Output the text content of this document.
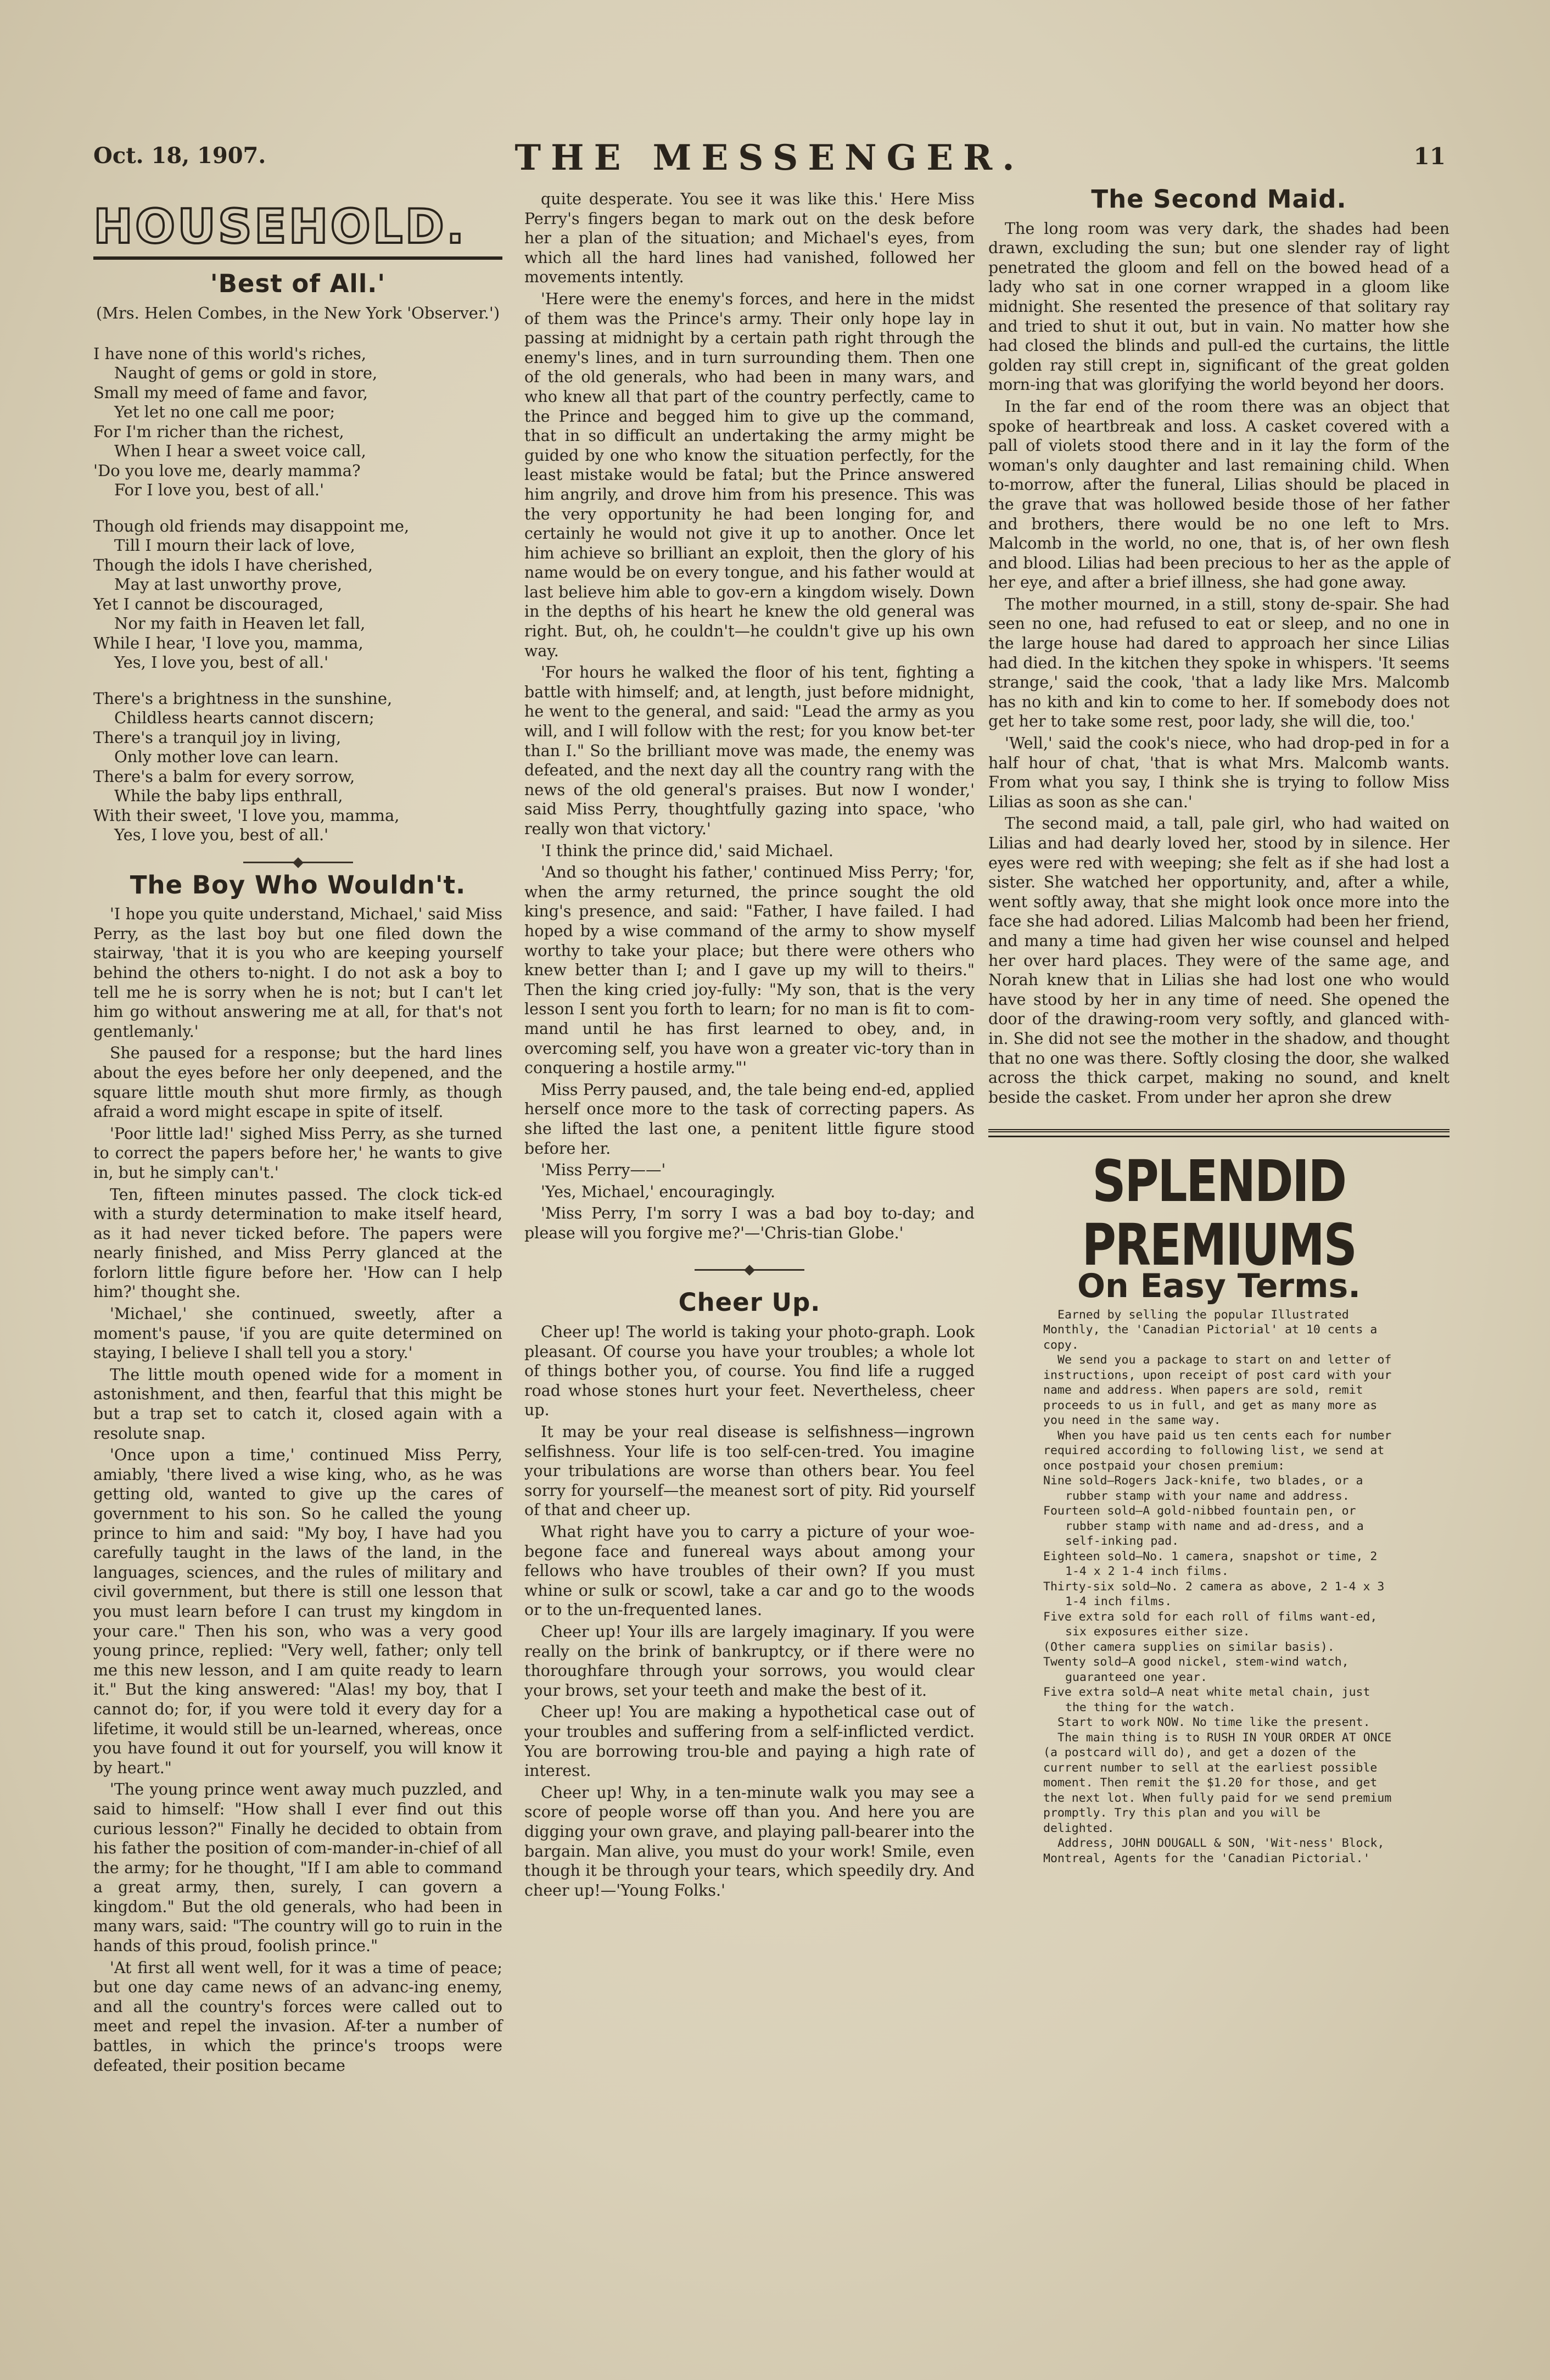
Oct. 18, 1907.	THE MESSENGER.	11
HOUSEHOLD.
'Best of All.'
(Mrs. Helen Combes, in the New York 'Observer.')
I have none of this world's riches,
Naught of gems or gold in store,
Small my meed of fame and favor,
Yet let no one call me poor;
For I'm richer than the richest,
When I hear a sweet voice call,
'Do you love me, dearly mamma?
For I love you, best of all.'
Though old friends may disappoint me,
Till I mourn their lack of love,
Though the idols I have cherished,
May at last unworthy prove,
Yet I cannot be discouraged,
Nor my faith in Heaven let fall,
While I hear, 'I love you, mamma,
Yes, I love you, best of all.'
There's a brightness in the sunshine,
Childless hearts cannot discern;
There's a tranquil joy in living,
Only mother love can learn.
There's a balm for every sorrow,
While the baby lips enthrall,
With their sweet, 'I love you, mamma,
Yes, I love you, best of all.'
The Boy Who Wouldn't.

'I hope you quite understand, Michael,' said Miss Perry, as the last boy but one filed down the stairway, 'that it is you who are keeping yourself behind the others to-night. I do not ask a boy to tell me he is sorry when he is not; but I can't let him go without answering me at all, for that's not gentlemanly.'

She paused for a response; but the hard lines about the eyes before her only deepened, and the square little mouth shut more firmly, as though afraid a word might escape in spite of itself.

'Poor little lad!' sighed Miss Perry, as she turned to correct the papers before her,' he wants to give in, but he simply can't.'

Ten, fifteen minutes passed. The clock tick-ed with a sturdy determination to make itself heard, as it had never ticked before. The papers were nearly finished, and Miss Perry glanced at the forlorn little figure before her. 'How can I help him?' thought she.

'Michael,' she continued, sweetly, after a moment's pause, 'if you are quite determined on staying, I believe I shall tell you a story.'

The little mouth opened wide for a moment in astonishment, and then, fearful that this might be but a trap set to catch it, closed again with a resolute snap.

'Once upon a time,' continued Miss Perry, amiably, 'there lived a wise king, who, as he was getting old, wanted to give up the cares of government to his son. So he called the young prince to him and said: "My boy, I have had you carefully taught in the laws of the land, in the languages, sciences, and the rules of military and civil government, but there is still one lesson that you must learn before I can trust my kingdom in your care." Then his son, who was a very good young prince, replied: "Very well, father; only tell me this new lesson, and I am quite ready to learn it." But the king answered: "Alas! my boy, that I cannot do; for, if you were told it every day for a lifetime, it would still be un-learned, whereas, once you have found it out for yourself, you will know it by heart."

'The young prince went away much puzzled, and said to himself: "How shall I ever find out this curious lesson?" Finally he decided to obtain from his father the position of com-mander-in-chief of all the army; for he thought, "If I am able to command a great army, then, surely, I can govern a kingdom." But the old generals, who had been in many wars, said: "The country will go to ruin in the hands of this proud, foolish prince."

'At first all went well, for it was a time of peace; but one day came news of an advanc-ing enemy, and all the country's forces were called out to meet and repel the invasion. Af-ter a number of battles, in which the prince's troops were defeated, their position became

quite desperate. You see it was like this.' Here Miss Perry's fingers began to mark out on the desk before her a plan of the situation; and Michael's eyes, from which all the hard lines had vanished, followed her movements intently.

'Here were the enemy's forces, and here in the midst of them was the Prince's army. Their only hope lay in passing at midnight by a certain path right through the enemy's lines, and in turn surrounding them. Then one of the old generals, who had been in many wars, and who knew all that part of the country perfectly, came to the Prince and begged him to give up the command, that in so difficult an undertaking the army might be guided by one who know the situation perfectly, for the least mistake would be fatal; but the Prince answered him angrily, and drove him from his presence. This was the very opportunity he had been longing for, and certainly he would not give it up to another. Once let him achieve so brilliant an exploit, then the glory of his name would be on every tongue, and his father would at last believe him able to gov-ern a kingdom wisely. Down in the depths of his heart he knew the old general was right. But, oh, he couldn't—he couldn't give up his own way.

'For hours he walked the floor of his tent, fighting a battle with himself; and, at length, just before midnight, he went to the general, and said: "Lead the army as you will, and I will follow with the rest; for you know bet-ter than I." So the brilliant move was made, the enemy was defeated, and the next day all the country rang with the news of the old general's praises. But now I wonder,' said Miss Perry, thoughtfully gazing into space, 'who really won that victory.'

'I think the prince did,' said Michael.

'And so thought his father,' continued Miss Perry; 'for, when the army returned, the prince sought the old king's presence, and said: "Father, I have failed. I had hoped by a wise command of the army to show myself worthy to take your place; but there were others who knew better than I; and I gave up my will to theirs." Then the king cried joy-fully: "My son, that is the very lesson I sent you forth to learn; for no man is fit to com-mand until he has first learned to obey, and, in overcoming self, you have won a greater vic-tory than in conquering a hostile army."'

Miss Perry paused, and, the tale being end-ed, applied herself once more to the task of correcting papers. As she lifted the last one, a penitent little figure stood before her.

'Miss Perry——'

'Yes, Michael,' encouragingly.

'Miss Perry, I'm sorry I was a bad boy to-day; and please will you forgive me?'—'Chris-tian Globe.'

Cheer Up.

Cheer up! The world is taking your photo-graph. Look pleasant. Of course you have your troubles; a whole lot of things bother you, of course. You find life a rugged road whose stones hurt your feet. Nevertheless, cheer up.

It may be your real disease is selfishness—ingrown selfishness. Your life is too self-cen-tred. You imagine your tribulations are worse than others bear. You feel sorry for yourself—the meanest sort of pity. Rid yourself of that and cheer up.

What right have you to carry a picture of your woe-begone face and funereal ways about among your fellows who have troubles of their own? If you must whine or sulk or scowl, take a car and go to the woods or to the un-frequented lanes.

Cheer up! Your ills are largely imaginary. If you were really on the brink of bankruptcy, or if there were no thoroughfare through your sorrows, you would clear your brows, set your teeth and make the best of it.

Cheer up! You are making a hypothetical case out of your troubles and suffering from a self-inflicted verdict. You are borrowing trou-ble and paying a high rate of interest.

Cheer up! Why, in a ten-minute walk you may see a score of people worse off than you. And here you are digging your own grave, and playing pall-bearer into the bargain. Man alive, you must do your work! Smile, even though it be through your tears, which speedily dry. And cheer up!—'Young Folks.'

The Second Maid.

The long room was very dark, the shades had been drawn, excluding the sun; but one slender ray of light penetrated the gloom and fell on the bowed head of a lady who sat in one corner wrapped in a gloom like midnight. She resented the presence of that solitary ray and tried to shut it out, but in vain. No matter how she had closed the blinds and pull-ed the curtains, the little golden ray still crept in, significant of the great golden morn-ing that was glorifying the world beyond her doors.

In the far end of the room there was an object that spoke of heartbreak and loss. A casket covered with a pall of violets stood there and in it lay the form of the woman's only daughter and last remaining child. When to-morrow, after the funeral, Lilias should be placed in the grave that was hollowed beside those of her father and brothers, there would be no one left to Mrs. Malcomb in the world, no one, that is, of her own flesh and blood. Lilias had been precious to her as the apple of her eye, and after a brief illness, she had gone away.

The mother mourned, in a still, stony de-spair. She had seen no one, had refused to eat or sleep, and no one in the large house had dared to approach her since Lilias had died. In the kitchen they spoke in whispers. 'It seems strange,' said the cook, 'that a lady like Mrs. Malcomb has no kith and kin to come to her. If somebody does not get her to take some rest, poor lady, she will die, too.'

'Well,' said the cook's niece, who had drop-ped in for a half hour of chat, 'that is what Mrs. Malcomb wants. From what you say, I think she is trying to follow Miss Lilias as soon as she can.'

The second maid, a tall, pale girl, who had waited on Lilias and had dearly loved her, stood by in silence. Her eyes were red with weeping; she felt as if she had lost a sister. She watched her opportunity, and, after a while, went softly away, that she might look once more into the face she had adored. Lilias Malcomb had been her friend, and many a time had given her wise counsel and helped her over hard places. They were of the same age, and Norah knew that in Lilias she had lost one who would have stood by her in any time of need. She opened the door of the drawing-room very softly, and glanced with-in. She did not see the mother in the shadow, and thought that no one was there. Softly closing the door, she walked across the thick carpet, making no sound, and knelt beside the casket. From under her apron she drew

SPLENDID PREMIUMS
On Easy Terms.

Earned by selling the popular Illustrated Monthly, the 'Canadian Pictorial' at 10 cents a copy.

We send you a package to start on and letter of instructions, upon receipt of post card with your name and address. When papers are sold, remit proceeds to us in full, and get as many more as you need in the same way.

When you have paid us ten cents each for number required according to following list, we send at once postpaid your chosen premium:

Nine sold—Rogers Jack-knife, two blades, or a rubber stamp with your name and address.

Fourteen sold—A gold-nibbed fountain pen, or rubber stamp with name and ad-dress, and a self-inking pad.

Eighteen sold—No. 1 camera, snapshot or time, 2 1-4 x 2 1-4 inch films.

Thirty-six sold—No. 2 camera as above, 2 1-4 x 3 1-4 inch films.

Five extra sold for each roll of films want-ed, six exposures either size.

(Other camera supplies on similar basis).

Twenty sold—A good nickel, stem-wind watch, guaranteed one year.

Five extra sold—A neat white metal chain, just the thing for the watch.

Start to work NOW. No time like the present.

The main thing is to RUSH IN YOUR ORDER AT ONCE (a postcard will do), and get a dozen of the current number to sell at the earliest possible moment. Then remit the $1.20 for those, and get the next lot. When fully paid for we send premium promptly. Try this plan and you will be delighted.

Address, JOHN DOUGALL & SON, 'Wit-ness' Block, Montreal, Agents for the 'Canadian Pictorial.'
